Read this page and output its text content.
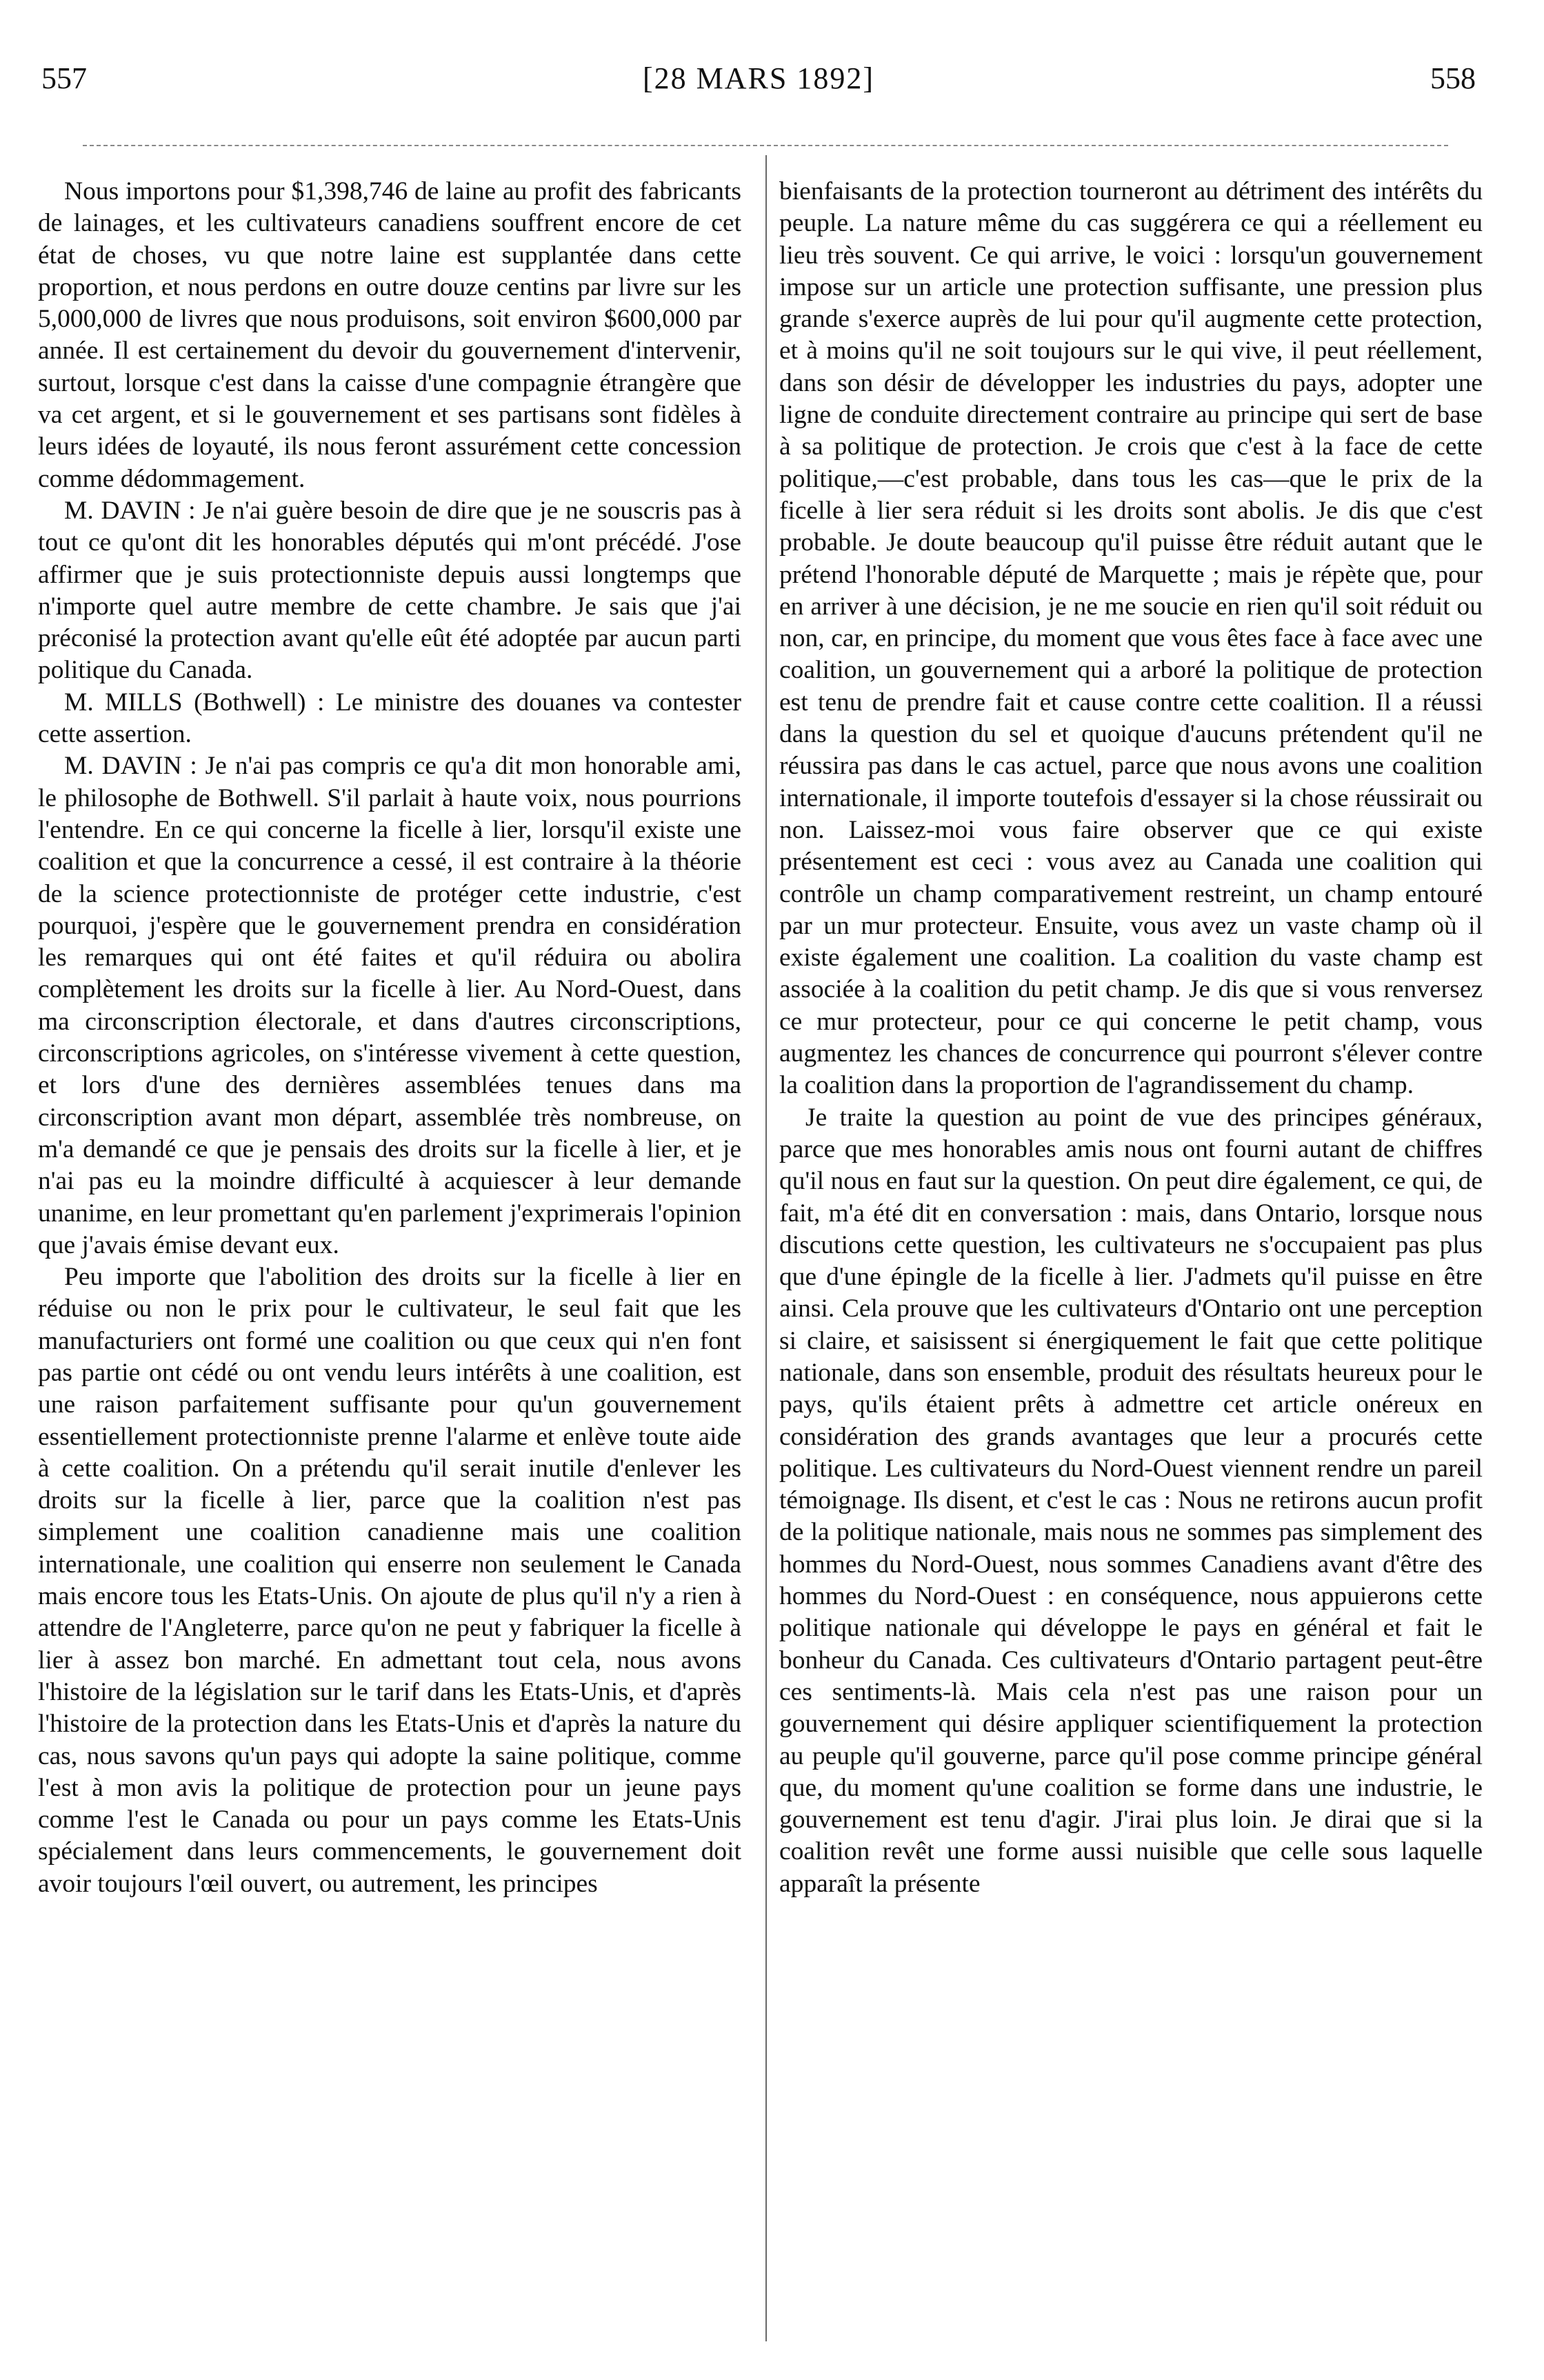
557	[28 MARS 1892]	558

Nous importons pour $1,398,746 de laine au profit des fabricants de lainages, et les cultivateurs canadiens souffrent encore de cet état de choses, vu que notre laine est supplantée dans cette proportion, et nous perdons en outre douze centins par livre sur les 5,000,000 de livres que nous produisons, soit environ $600,000 par année. Il est certainement du devoir du gouvernement d'intervenir, surtout, lorsque c'est dans la caisse d'une compagnie étrangère que va cet argent, et si le gouvernement et ses partisans sont fidèles à leurs idées de loyauté, ils nous feront assurément cette concession comme dédommagement.

M. DAVIN : Je n'ai guère besoin de dire que je ne souscris pas à tout ce qu'ont dit les honorables députés qui m'ont précédé. J'ose affirmer que je suis protectionniste depuis aussi longtemps que n'importe quel autre membre de cette chambre. Je sais que j'ai préconisé la protection avant qu'elle eût été adoptée par aucun parti politique du Canada.

M. MILLS (Bothwell) : Le ministre des douanes va contester cette assertion.

M. DAVIN : Je n'ai pas compris ce qu'a dit mon honorable ami, le philosophe de Bothwell. S'il parlait à haute voix, nous pourrions l'entendre. En ce qui concerne la ficelle à lier, lorsqu'il existe une coalition et que la concurrence a cessé, il est contraire à la théorie de la science protectionniste de protéger cette industrie, c'est pourquoi, j'espère que le gouvernement prendra en considération les remarques qui ont été faites et qu'il réduira ou abolira complètement les droits sur la ficelle à lier. Au Nord-Ouest, dans ma circonscription électorale, et dans d'autres circonscriptions, circonscriptions agricoles, on s'intéresse vivement à cette question, et lors d'une des dernières assemblées tenues dans ma circonscription avant mon départ, assemblée très nombreuse, on m'a demandé ce que je pensais des droits sur la ficelle à lier, et je n'ai pas eu la moindre difficulté à acquiescer à leur demande unanime, en leur promettant qu'en parlement j'exprimerais l'opinion que j'avais émise devant eux.

Peu importe que l'abolition des droits sur la ficelle à lier en réduise ou non le prix pour le cultivateur, le seul fait que les manufacturiers ont formé une coalition ou que ceux qui n'en font pas partie ont cédé ou ont vendu leurs intérêts à une coalition, est une raison parfaitement suffisante pour qu'un gouvernement essentiellement protectionniste prenne l'alarme et enlève toute aide à cette coalition. On a prétendu qu'il serait inutile d'enlever les droits sur la ficelle à lier, parce que la coalition n'est pas simplement une coalition canadienne mais une coalition internationale, une coalition qui enserre non seulement le Canada mais encore tous les Etats-Unis. On ajoute de plus qu'il n'y a rien à attendre de l'Angleterre, parce qu'on ne peut y fabriquer la ficelle à lier à assez bon marché. En admettant tout cela, nous avons l'histoire de la législation sur le tarif dans les Etats-Unis, et d'après l'histoire de la protection dans les Etats-Unis et d'après la nature du cas, nous savons qu'un pays qui adopte la saine politique, comme l'est à mon avis la politique de protection pour un jeune pays comme l'est le Canada ou pour un pays comme les Etats-Unis spécialement dans leurs commencements, le gouvernement doit avoir toujours l'œil ouvert, ou autrement, les principes

bienfaisants de la protection tourneront au détriment des intérêts du peuple. La nature même du cas suggérera ce qui a réellement eu lieu très souvent. Ce qui arrive, le voici : lorsqu'un gouvernement impose sur un article une protection suffisante, une pression plus grande s'exerce auprès de lui pour qu'il augmente cette protection, et à moins qu'il ne soit toujours sur le qui vive, il peut réellement, dans son désir de développer les industries du pays, adopter une ligne de conduite directement contraire au principe qui sert de base à sa politique de protection. Je crois que c'est à la face de cette politique,—c'est probable, dans tous les cas—que le prix de la ficelle à lier sera réduit si les droits sont abolis. Je dis que c'est probable. Je doute beaucoup qu'il puisse être réduit autant que le prétend l'honorable député de Marquette ; mais je répète que, pour en arriver à une décision, je ne me soucie en rien qu'il soit réduit ou non, car, en principe, du moment que vous êtes face à face avec une coalition, un gouvernement qui a arboré la politique de protection est tenu de prendre fait et cause contre cette coalition. Il a réussi dans la question du sel et quoique d'aucuns prétendent qu'il ne réussira pas dans le cas actuel, parce que nous avons une coalition internationale, il importe toutefois d'essayer si la chose réussirait ou non. Laissez-moi vous faire observer que ce qui existe présentement est ceci : vous avez au Canada une coalition qui contrôle un champ comparativement restreint, un champ entouré par un mur protecteur. Ensuite, vous avez un vaste champ où il existe également une coalition. La coalition du vaste champ est associée à la coalition du petit champ. Je dis que si vous renversez ce mur protecteur, pour ce qui concerne le petit champ, vous augmentez les chances de concurrence qui pourront s'élever contre la coalition dans la proportion de l'agrandissement du champ.

Je traite la question au point de vue des principes généraux, parce que mes honorables amis nous ont fourni autant de chiffres qu'il nous en faut sur la question. On peut dire également, ce qui, de fait, m'a été dit en conversation : mais, dans Ontario, lorsque nous discutions cette question, les cultivateurs ne s'occupaient pas plus que d'une épingle de la ficelle à lier. J'admets qu'il puisse en être ainsi. Cela prouve que les cultivateurs d'Ontario ont une perception si claire, et saisissent si énergiquement le fait que cette politique nationale, dans son ensemble, produit des résultats heureux pour le pays, qu'ils étaient prêts à admettre cet article onéreux en considération des grands avantages que leur a procurés cette politique. Les cultivateurs du Nord-Ouest viennent rendre un pareil témoignage. Ils disent, et c'est le cas : Nous ne retirons aucun profit de la politique nationale, mais nous ne sommes pas simplement des hommes du Nord-Ouest, nous sommes Canadiens avant d'être des hommes du Nord-Ouest : en conséquence, nous appuierons cette politique nationale qui développe le pays en général et fait le bonheur du Canada. Ces cultivateurs d'Ontario partagent peut-être ces sentiments-là. Mais cela n'est pas une raison pour un gouvernement qui désire appliquer scientifiquement la protection au peuple qu'il gouverne, parce qu'il pose comme principe général que, du moment qu'une coalition se forme dans une industrie, le gouvernement est tenu d'agir. J'irai plus loin. Je dirai que si la coalition revêt une forme aussi nuisible que celle sous laquelle apparaît la présente
